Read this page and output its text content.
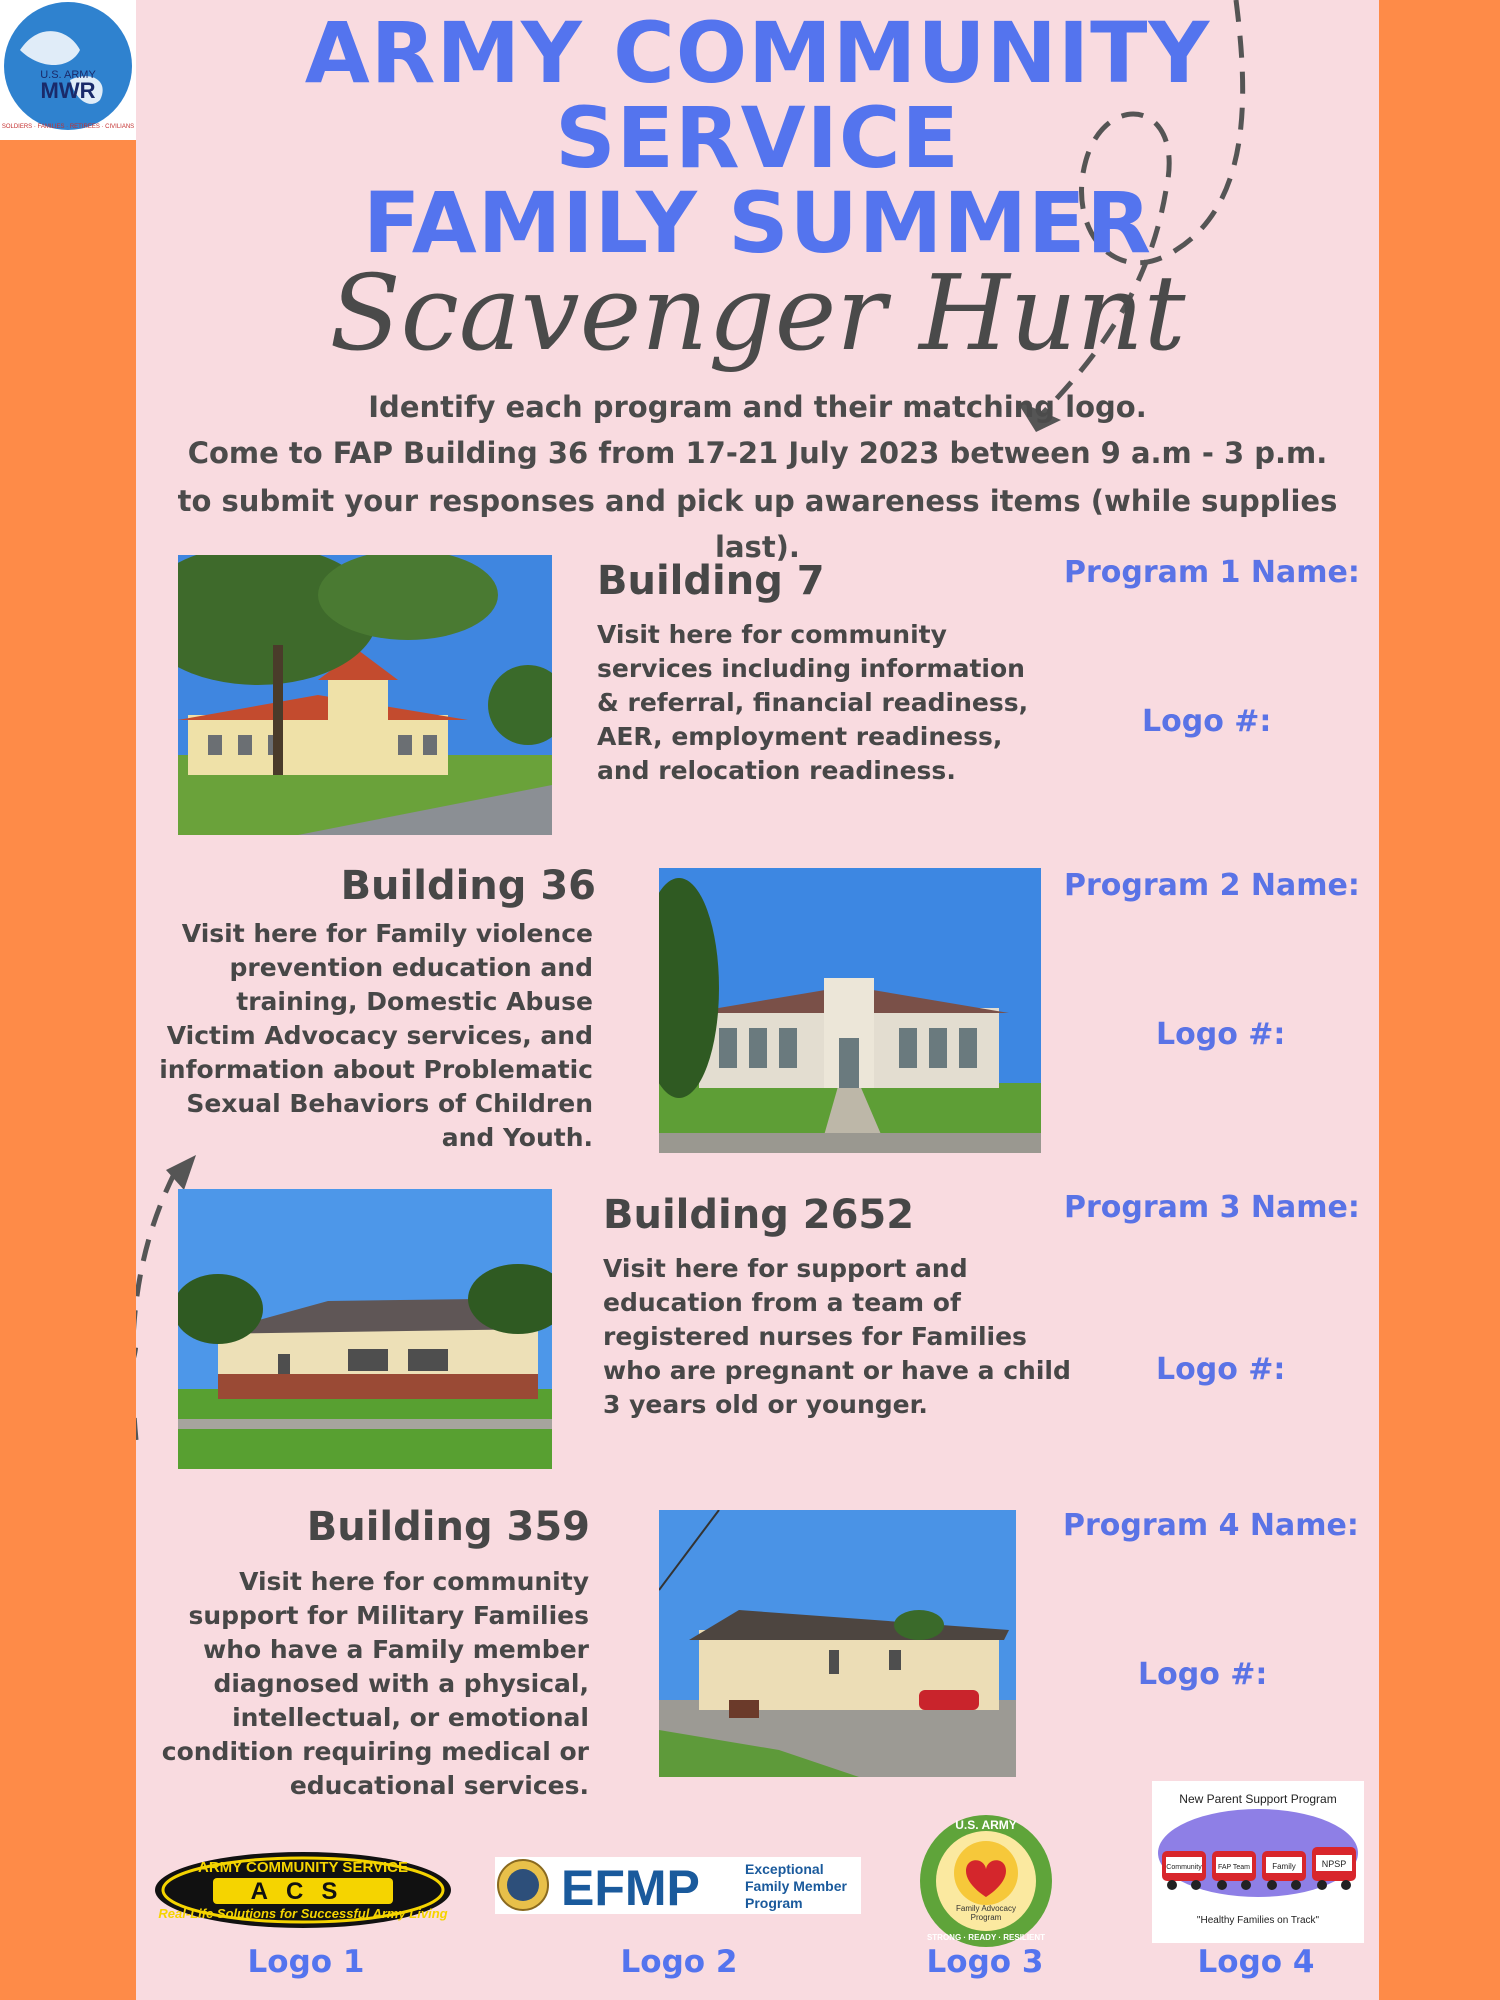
ARMY COMMUNITY
SERVICE
FAMILY SUMMER
Scavenger Hunt
Identify each program and their matching logo.
Come to FAP Building 36 from 17-21 July 2023 between 9 a.m - 3 p.m.
to submit your responses and pick up awareness items (while supplies last).
Building 7
Visit here for community
services including information
& referral, financial readiness,
AER, employment readiness,
and relocation readiness.
Program 1 Name:
Logo #:
Building 36
Visit here for Family violence
prevention education and
training, Domestic Abuse
Victim Advocacy services, and
information about Problematic
Sexual Behaviors of Children
and Youth.
Program 2 Name:
Logo #:
Building 2652
Visit here for support and
education from a team of
registered nurses for Families
who are pregnant or have a child
3 years old or younger.
Program 3 Name:
Logo #:
Building 359
Visit here for community
support for Military Families
who have a Family member
diagnosed with a physical,
intellectual, or emotional
condition requiring medical or
educational services.
Program 4 Name:
Logo #:
ARMY COMMUNITY SERVICE
ACS
Real-Life Solutions for Successful Army Living
Logo 1
EFMP	Exceptional
Family Member
Program
Logo 2
U.S. ARMY
Family Advocacy
Program
STRONG · READY · RESILIENT
Logo 3
New Parent Support Program
Community FAP Team	Family	NPSP
"Healthy Families on Track"
Logo 4
U.S. ARMY
MWR
SOLDIERS · FAMILIES · RETIREES · CIVILIANS
